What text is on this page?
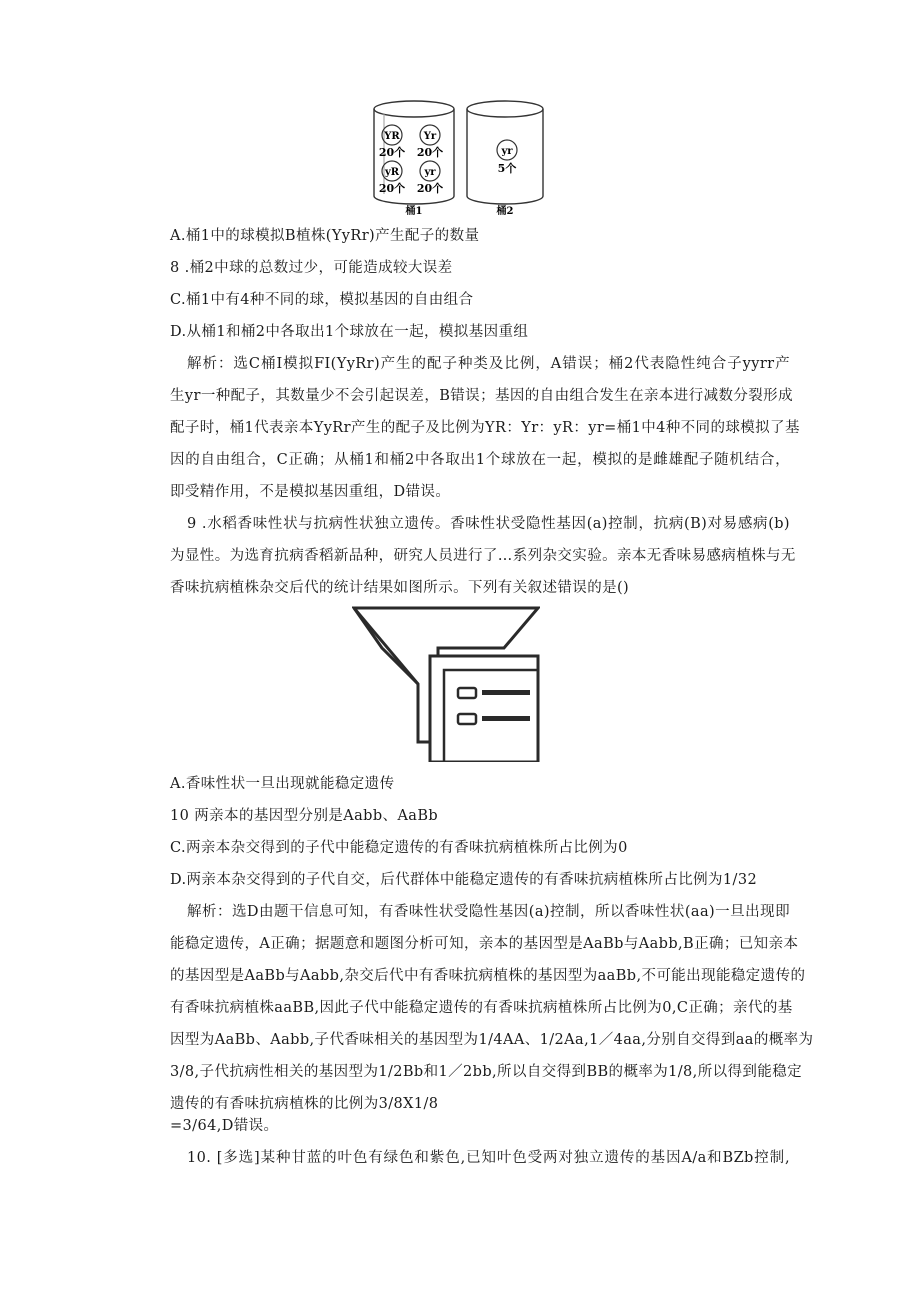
YR Yr
20个 20个
yR	yr
20个 20个
桶1
yr
5个
桶2
A.桶1中的球模拟B植株(YyRr)产生配子的数量
8 .桶2中球的总数过少，可能造成较大误差
C.桶1中有4种不同的球，模拟基因的自由组合
D.从桶1和桶2中各取出1个球放在一起，模拟基因重组
解析：选C桶I模拟FI(YyRr)产生的配子种类及比例，A错误；桶2代表隐性纯合子yyrr产
生yr一种配子，其数量少不会引起误差，B错误；基因的自由组合发生在亲本进行减数分裂形成
配子时，桶1代表亲本YyRr产生的配子及比例为YR：Yr：yR：yr=桶1中4种不同的球模拟了基
因的自由组合，C正确；从桶1和桶2中各取出1个球放在一起，模拟的是雌雄配子随机结合，
即受精作用，不是模拟基因重组，D错误。
9 .水稻香味性状与抗病性状独立遗传。香味性状受隐性基因(a)控制，抗病(B)对易感病(b)
为显性。为选育抗病香稻新品种，研究人员进行了…系列杂交实验。亲本无香味易感病植株与无
香味抗病植株杂交后代的统计结果如图所示。下列有关叙述错误的是()
A.香味性状一旦出现就能稳定遗传
10 两亲本的基因型分别是Aabb、AaBb
C.两亲本杂交得到的子代中能稳定遗传的有香味抗病植株所占比例为0
D.两亲本杂交得到的子代自交，后代群体中能稳定遗传的有香味抗病植株所占比例为1/32
解析：选D由题干信息可知，有香味性状受隐性基因(a)控制，所以香味性状(aa)一旦出现即
能稳定遗传，A正确；据题意和题图分析可知，亲本的基因型是AaBb与Aabb,B正确；已知亲本
的基因型是AaBb与Aabb,杂交后代中有香味抗病植株的基因型为aaBb,不可能出现能稳定遗传的
有香味抗病植株aaBB,因此子代中能稳定遗传的有香味抗病植株所占比例为0,C正确；亲代的基
因型为AaBb、Aabb,子代香味相关的基因型为1/4AA、1/2Aa,1／4aa,分别自交得到aa的概率为
3/8,子代抗病性相关的基因型为1/2Bb和1／2bb,所以自交得到BB的概率为1/8,所以得到能稳定
遗传的有香味抗病植株的比例为3/8X1/8
=3/64,D错误。
10. [多选]某种甘蓝的叶色有绿色和紫色,已知叶色受两对独立遗传的基因A/a和BZb控制,
